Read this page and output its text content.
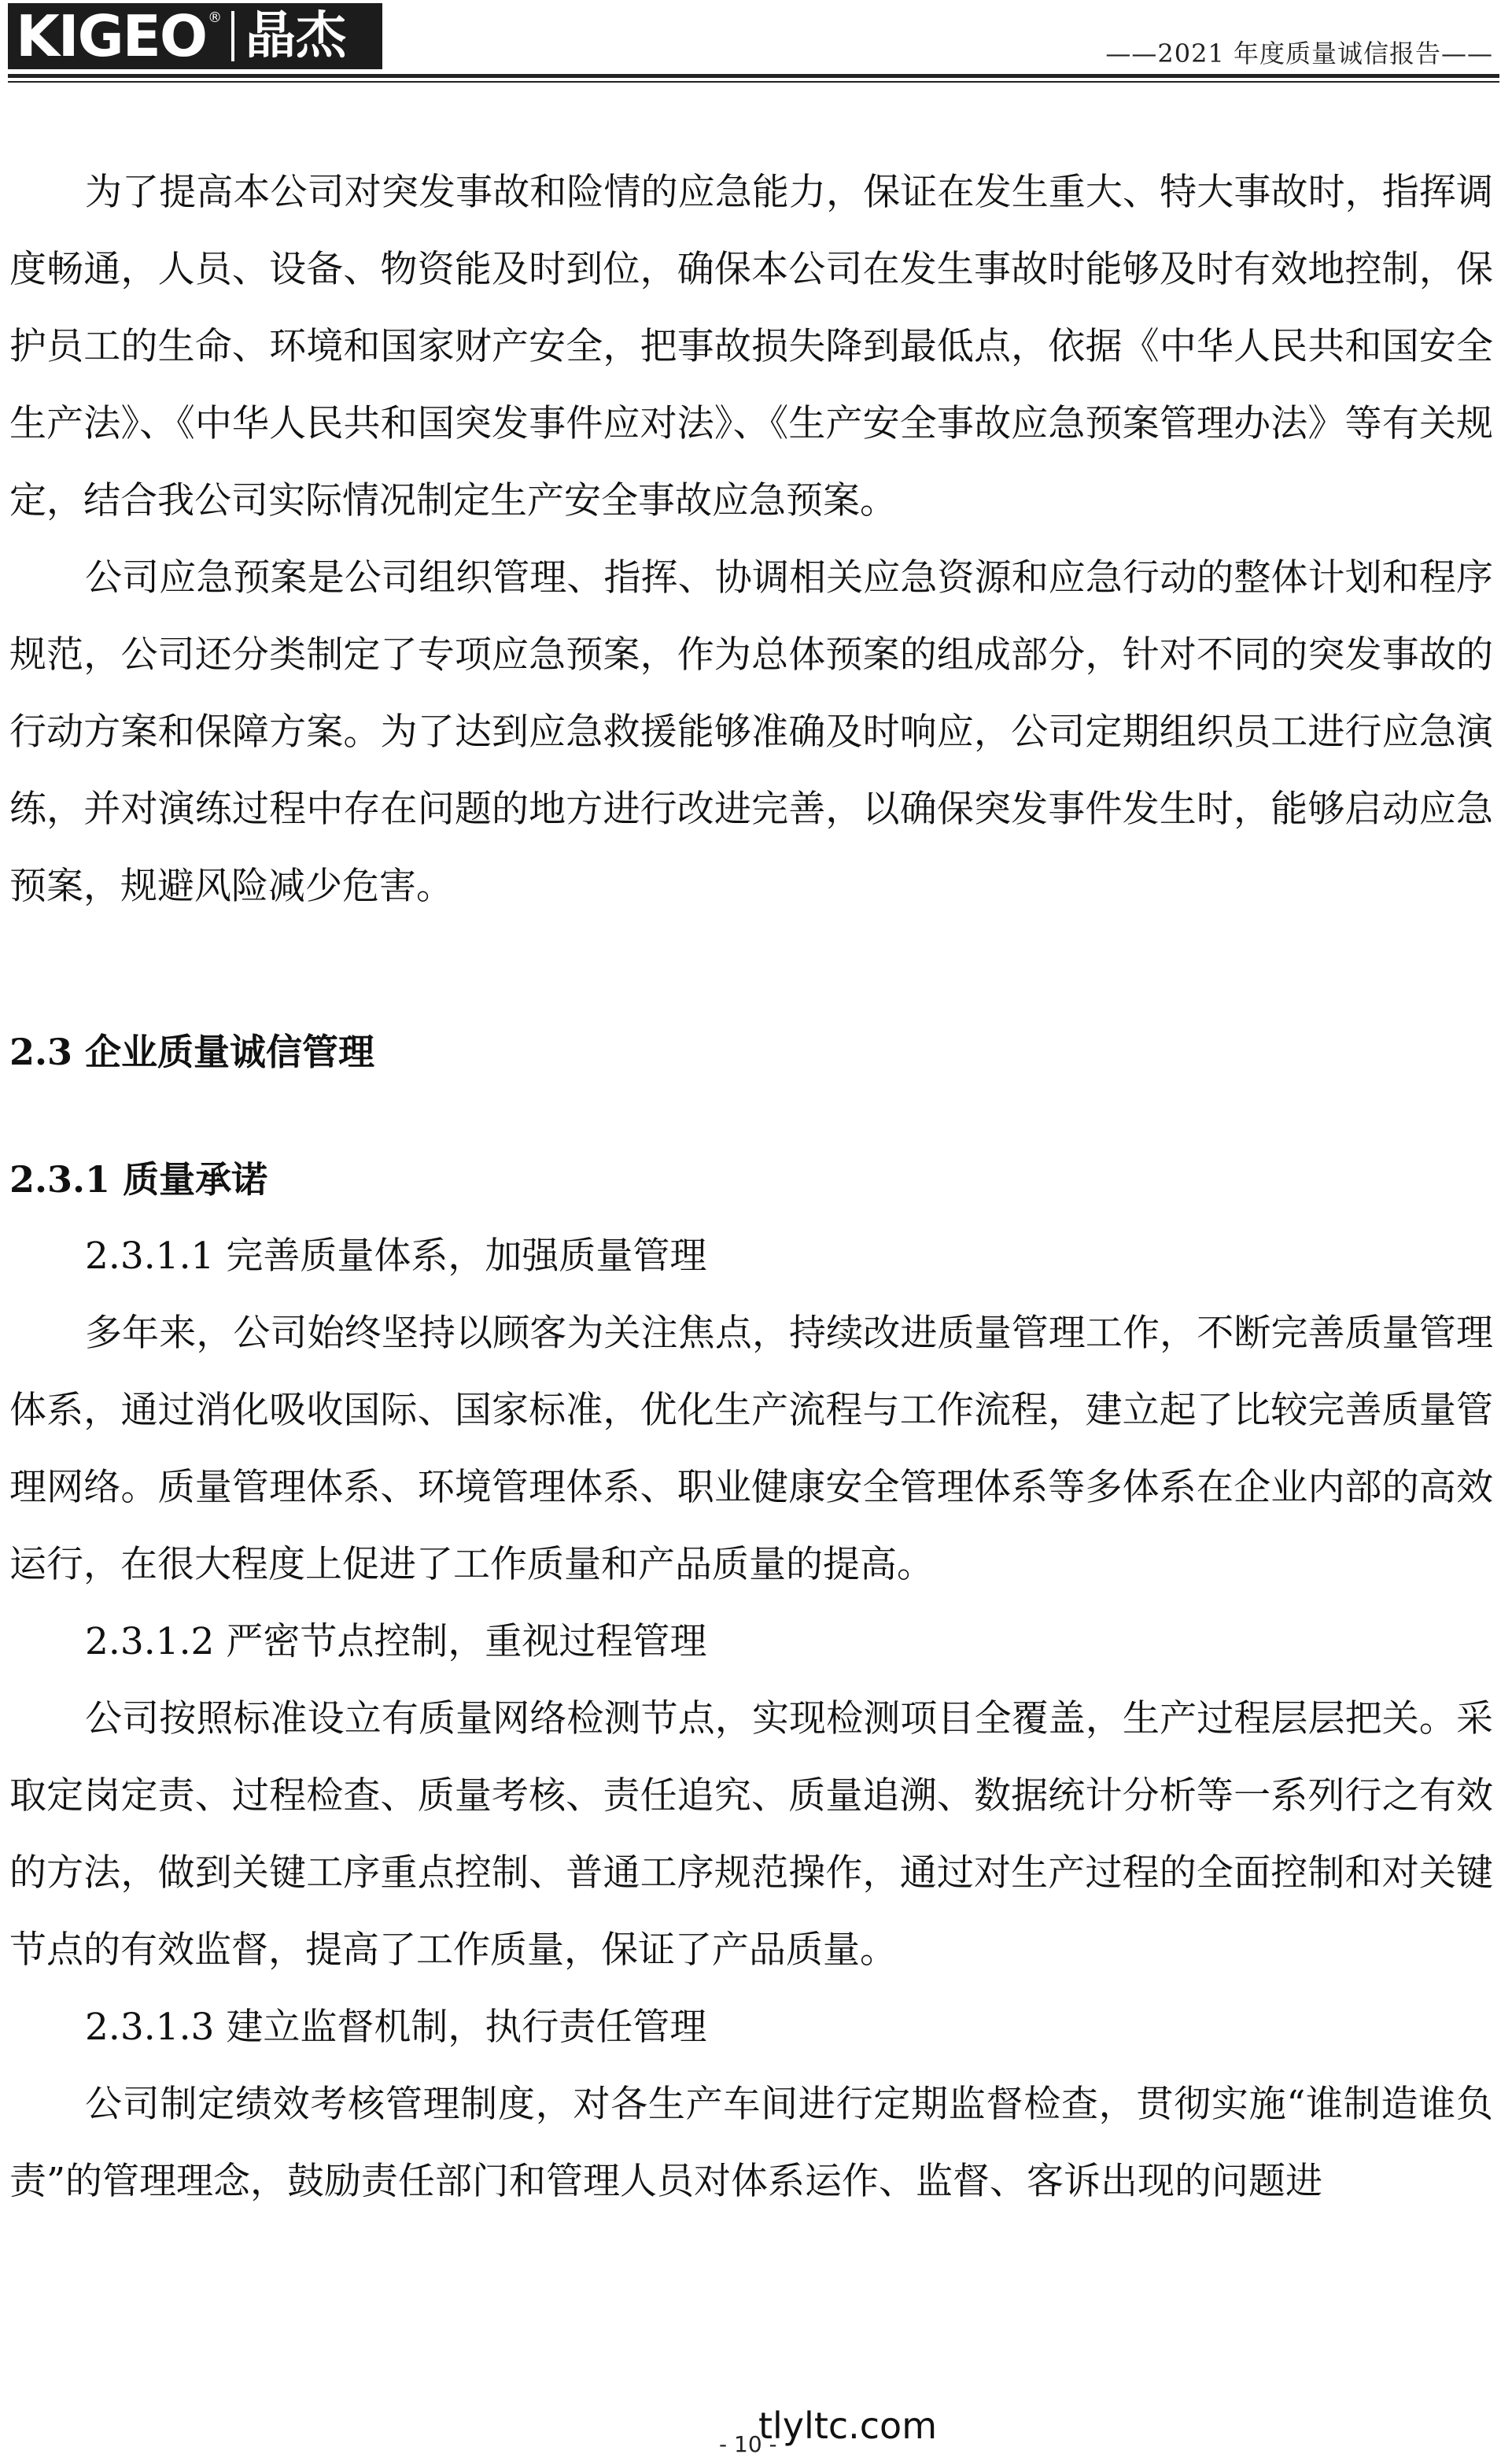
KIGEO ® 晶杰	——2021 年度质量诚信报告——

为了提高本公司对突发事故和险情的应急能力，保证在发生重大、特大事故时，指挥调度畅通，人员、设备、物资能及时到位，确保本公司在发生事故时能够及时有效地控制，保护员工的生命、环境和国家财产安全，把事故损失降到最低点，依据《中华人民共和国安全生产法》、《中华人民共和国突发事件应对法》、《生产安全事故应急预案管理办法》等有关规定，结合我公司实际情况制定生产安全事故应急预案。

公司应急预案是公司组织管理、指挥、协调相关应急资源和应急行动的整体计划和程序规范，公司还分类制定了专项应急预案，作为总体预案的组成部分，针对不同的突发事故的行动方案和保障方案。为了达到应急救援能够准确及时响应，公司定期组织员工进行应急演练，并对演练过程中存在问题的地方进行改进完善，以确保突发事件发生时，能够启动应急预案，规避风险减少危害。

2.3 企业质量诚信管理
2.3.1 质量承诺

2.3.1.1 完善质量体系，加强质量管理

多年来，公司始终坚持以顾客为关注焦点，持续改进质量管理工作，不断完善质量管理体系，通过消化吸收国际、国家标准，优化生产流程与工作流程，建立起了比较完善质量管理网络。质量管理体系、环境管理体系、职业健康安全管理体系等多体系在企业内部的高效运行，在很大程度上促进了工作质量和产品质量的提高。

2.3.1.2 严密节点控制，重视过程管理

公司按照标准设立有质量网络检测节点，实现检测项目全覆盖，生产过程层层把关。采取定岗定责、过程检查、质量考核、责任追究、质量追溯、数据统计分析等一系列行之有效的方法，做到关键工序重点控制、普通工序规范操作，通过对生产过程的全面控制和对关键节点的有效监督，提高了工作质量，保证了产品质量。

2.3.1.3 建立监督机制，执行责任管理

公司制定绩效考核管理制度，对各生产车间进行定期监督检查，贯彻实施“谁制造谁负责”的管理理念，鼓励责任部门和管理人员对体系运作、监督、客诉出现的问题进

- 10 -
tlyltc.com
